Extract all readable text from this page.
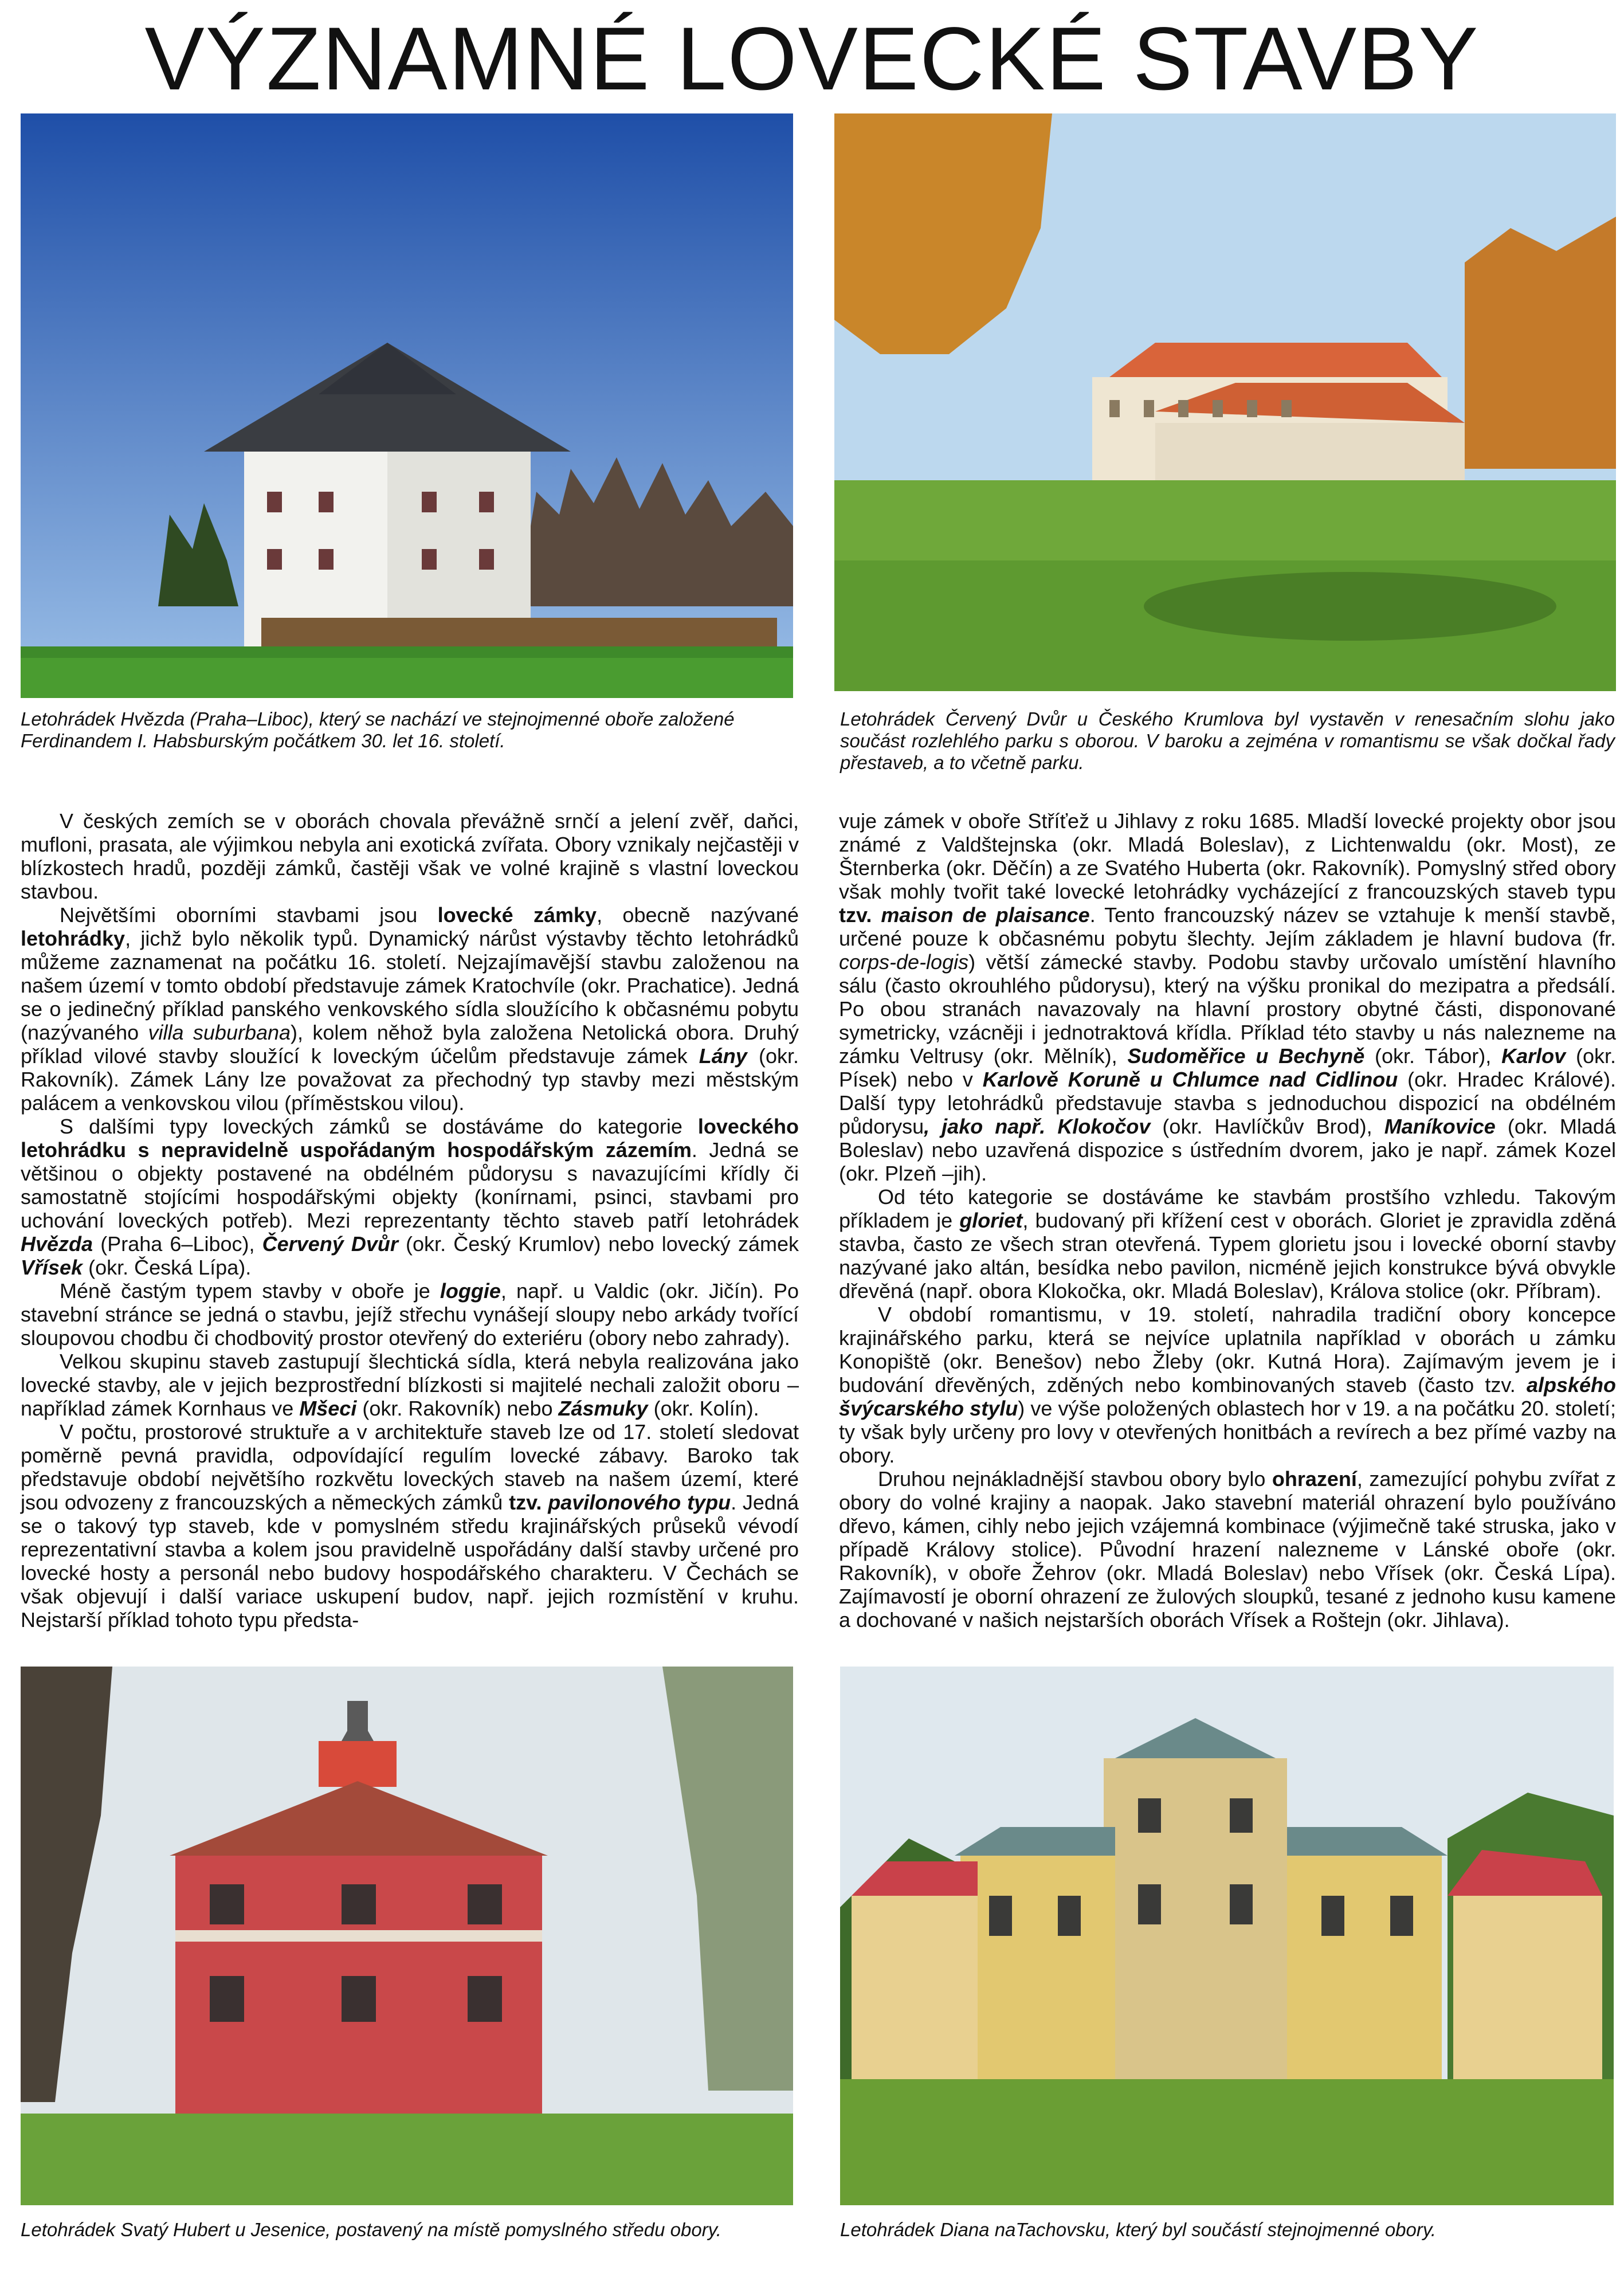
VÝZNAMNÉ LOVECKÉ STAVBY

Letohrádek Hvězda (Praha–Liboc), který se nachází ve stejnojmenné oboře založené Ferdinandem I. Habsburským počátkem 30. let 16. století.

Letohrádek Červený Dvůr u Českého Krumlova byl vystavěn v renesačním slohu jako součást rozlehlého parku s oborou. V baroku a zejména v romantismu se však dočkal řady přestaveb, a to včetně parku.

V českých zemích se v oborách chovala převážně srnčí a jelení zvěř, daňci, mufloni, prasata, ale výjimkou nebyla ani exotická zvířata. Obory vznikaly nejčastěji v blízkostech hradů, později zámků, častěji však ve volné krajině s vlastní loveckou stavbou.

Největšími oborními stavbami jsou lovecké zámky, obecně nazývané letohrádky, jichž bylo několik typů. Dynamický nárůst výstavby těchto letohrádků můžeme zaznamenat na počátku 16. století. Nejzajímavější stavbu založenou na našem území v tomto období představuje zámek Kratochvíle (okr. Prachatice). Jedná se o jedinečný příklad panského venkovského sídla sloužícího k občasnému pobytu (nazývaného villa suburbana), kolem něhož byla založena Netolická obora. Druhý příklad vilové stavby sloužící k loveckým účelům představuje zámek Lány (okr. Rakovník). Zámek Lány lze považovat za přechodný typ stavby mezi městským palácem a venkovskou vilou (příměstskou vilou).

S dalšími typy loveckých zámků se dostáváme do kategorie loveckého letohrádku s nepravidelně uspořádaným hospodářským zázemím. Jedná se většinou o objekty postavené na obdélném půdorysu s navazujícími křídly či samostatně stojícími hospodářskými objekty (konírnami, psinci, stavbami pro uchování loveckých potřeb). Mezi reprezentanty těchto staveb patří letohrádek Hvězda (Praha 6–Liboc), Červený Dvůr (okr. Český Krumlov) nebo lovecký zámek Vřísek (okr. Česká Lípa).

Méně častým typem stavby v oboře je loggie, např. u Valdic (okr. Jičín). Po stavební stránce se jedná o stavbu, jejíž střechu vynášejí sloupy nebo arkády tvořící sloupovou chodbu či chodbovitý prostor otevřený do exteriéru (obory nebo zahrady).

Velkou skupinu staveb zastupují šlechtická sídla, která nebyla realizována jako lovecké stavby, ale v jejich bezprostřední blízkosti si majitelé nechali založit oboru – například zámek Kornhaus ve Mšeci (okr. Rakovník) nebo Zásmuky (okr. Kolín).

V počtu, prostorové struktuře a v architektuře staveb lze od 17. století sledovat poměrně pevná pravidla, odpovídající regulím lovecké zábavy. Baroko tak představuje období největšího rozkvětu loveckých staveb na našem území, které jsou odvozeny z francouzských a německých zámků tzv. pavilonového typu. Jedná se o takový typ staveb, kde v pomyslném středu krajinářských průseků vévodí reprezentativní stavba a kolem jsou pravidelně uspořádány další stavby určené pro lovecké hosty a personál nebo budovy hospodářského charakteru. V Čechách se však objevují i další variace uskupení budov, např. jejich rozmístění v kruhu. Nejstarší příklad tohoto typu předsta-

vuje zámek v oboře Stříťež u Jihlavy z roku 1685. Mladší lovecké projekty obor jsou známé z Valdštejnska (okr. Mladá Boleslav), z Lichtenwaldu (okr. Most), ze Šternberka (okr. Děčín) a ze Svatého Huberta (okr. Rakovník). Pomyslný střed obory však mohly tvořit také lovecké letohrádky vycházející z francouzských staveb typu tzv. maison de plaisance. Tento francouzský název se vztahuje k menší stavbě, určené pouze k občasnému pobytu šlechty. Jejím základem je hlavní budova (fr. corps-de-logis) větší zámecké stavby. Podobu stavby určovalo umístění hlavního sálu (často okrouhlého půdorysu), který na výšku pronikal do mezipatra a předsálí. Po obou stranách navazovaly na hlavní prostory obytné části, disponované symetricky, vzácněji i jednotraktová křídla. Příklad této stavby u nás nalezneme na zámku Veltrusy (okr. Mělník), Sudoměřice u Bechyně (okr. Tábor), Karlov (okr. Písek) nebo v Karlově Koruně u Chlumce nad Cidlinou (okr. Hradec Králové). Další typy letohrádků představuje stavba s jednoduchou dispozicí na obdélném půdorysu, jako např. Klokočov (okr. Havlíčkův Brod), Maníkovice (okr. Mladá Boleslav) nebo uzavřená dispozice s ústředním dvorem, jako je např. zámek Kozel (okr. Plzeň –jih).

Od této kategorie se dostáváme ke stavbám prostšího vzhledu. Takovým příkladem je gloriet, budovaný při křížení cest v oborách. Gloriet je zpravidla zděná stavba, často ze všech stran otevřená. Typem glorietu jsou i lovecké oborní stavby nazývané jako altán, besídka nebo pavilon, nicméně jejich konstrukce bývá obvykle dřevěná (např. obora Klokočka, okr. Mladá Boleslav), Králova stolice (okr. Příbram).

V období romantismu, v 19. století, nahradila tradiční obory koncepce krajinářského parku, která se nejvíce uplatnila například v oborách u zámku Konopiště (okr. Benešov) nebo Žleby (okr. Kutná Hora). Zajímavým jevem je i budování dřevěných, zděných nebo kombinovaných staveb (často tzv. alpského švýcarského stylu) ve výše položených oblastech hor v 19. a na počátku 20. století; ty však byly určeny pro lovy v otevřených honitbách a revírech a bez přímé vazby na obory.

Druhou nejnákladnější stavbou obory bylo ohrazení, zamezující pohybu zvířat z obory do volné krajiny a naopak. Jako stavební materiál ohrazení bylo používáno dřevo, kámen, cihly nebo jejich vzájemná kombinace (výjimečně také struska, jako v případě Královy stolice). Původní hrazení nalezneme v Lánské oboře (okr. Rakovník), v oboře Žehrov (okr. Mladá Boleslav) nebo Vřísek (okr. Česká Lípa). Zajímavostí je oborní ohrazení ze žulových sloupků, tesané z jednoho kusu kamene a dochované v našich nejstarších oborách Vřísek a Roštejn (okr. Jihlava).

Letohrádek Svatý Hubert u Jesenice, postavený na místě pomyslného středu obory.	Letohrádek Diana naTachovsku, který byl součástí stejnojmenné obory.
